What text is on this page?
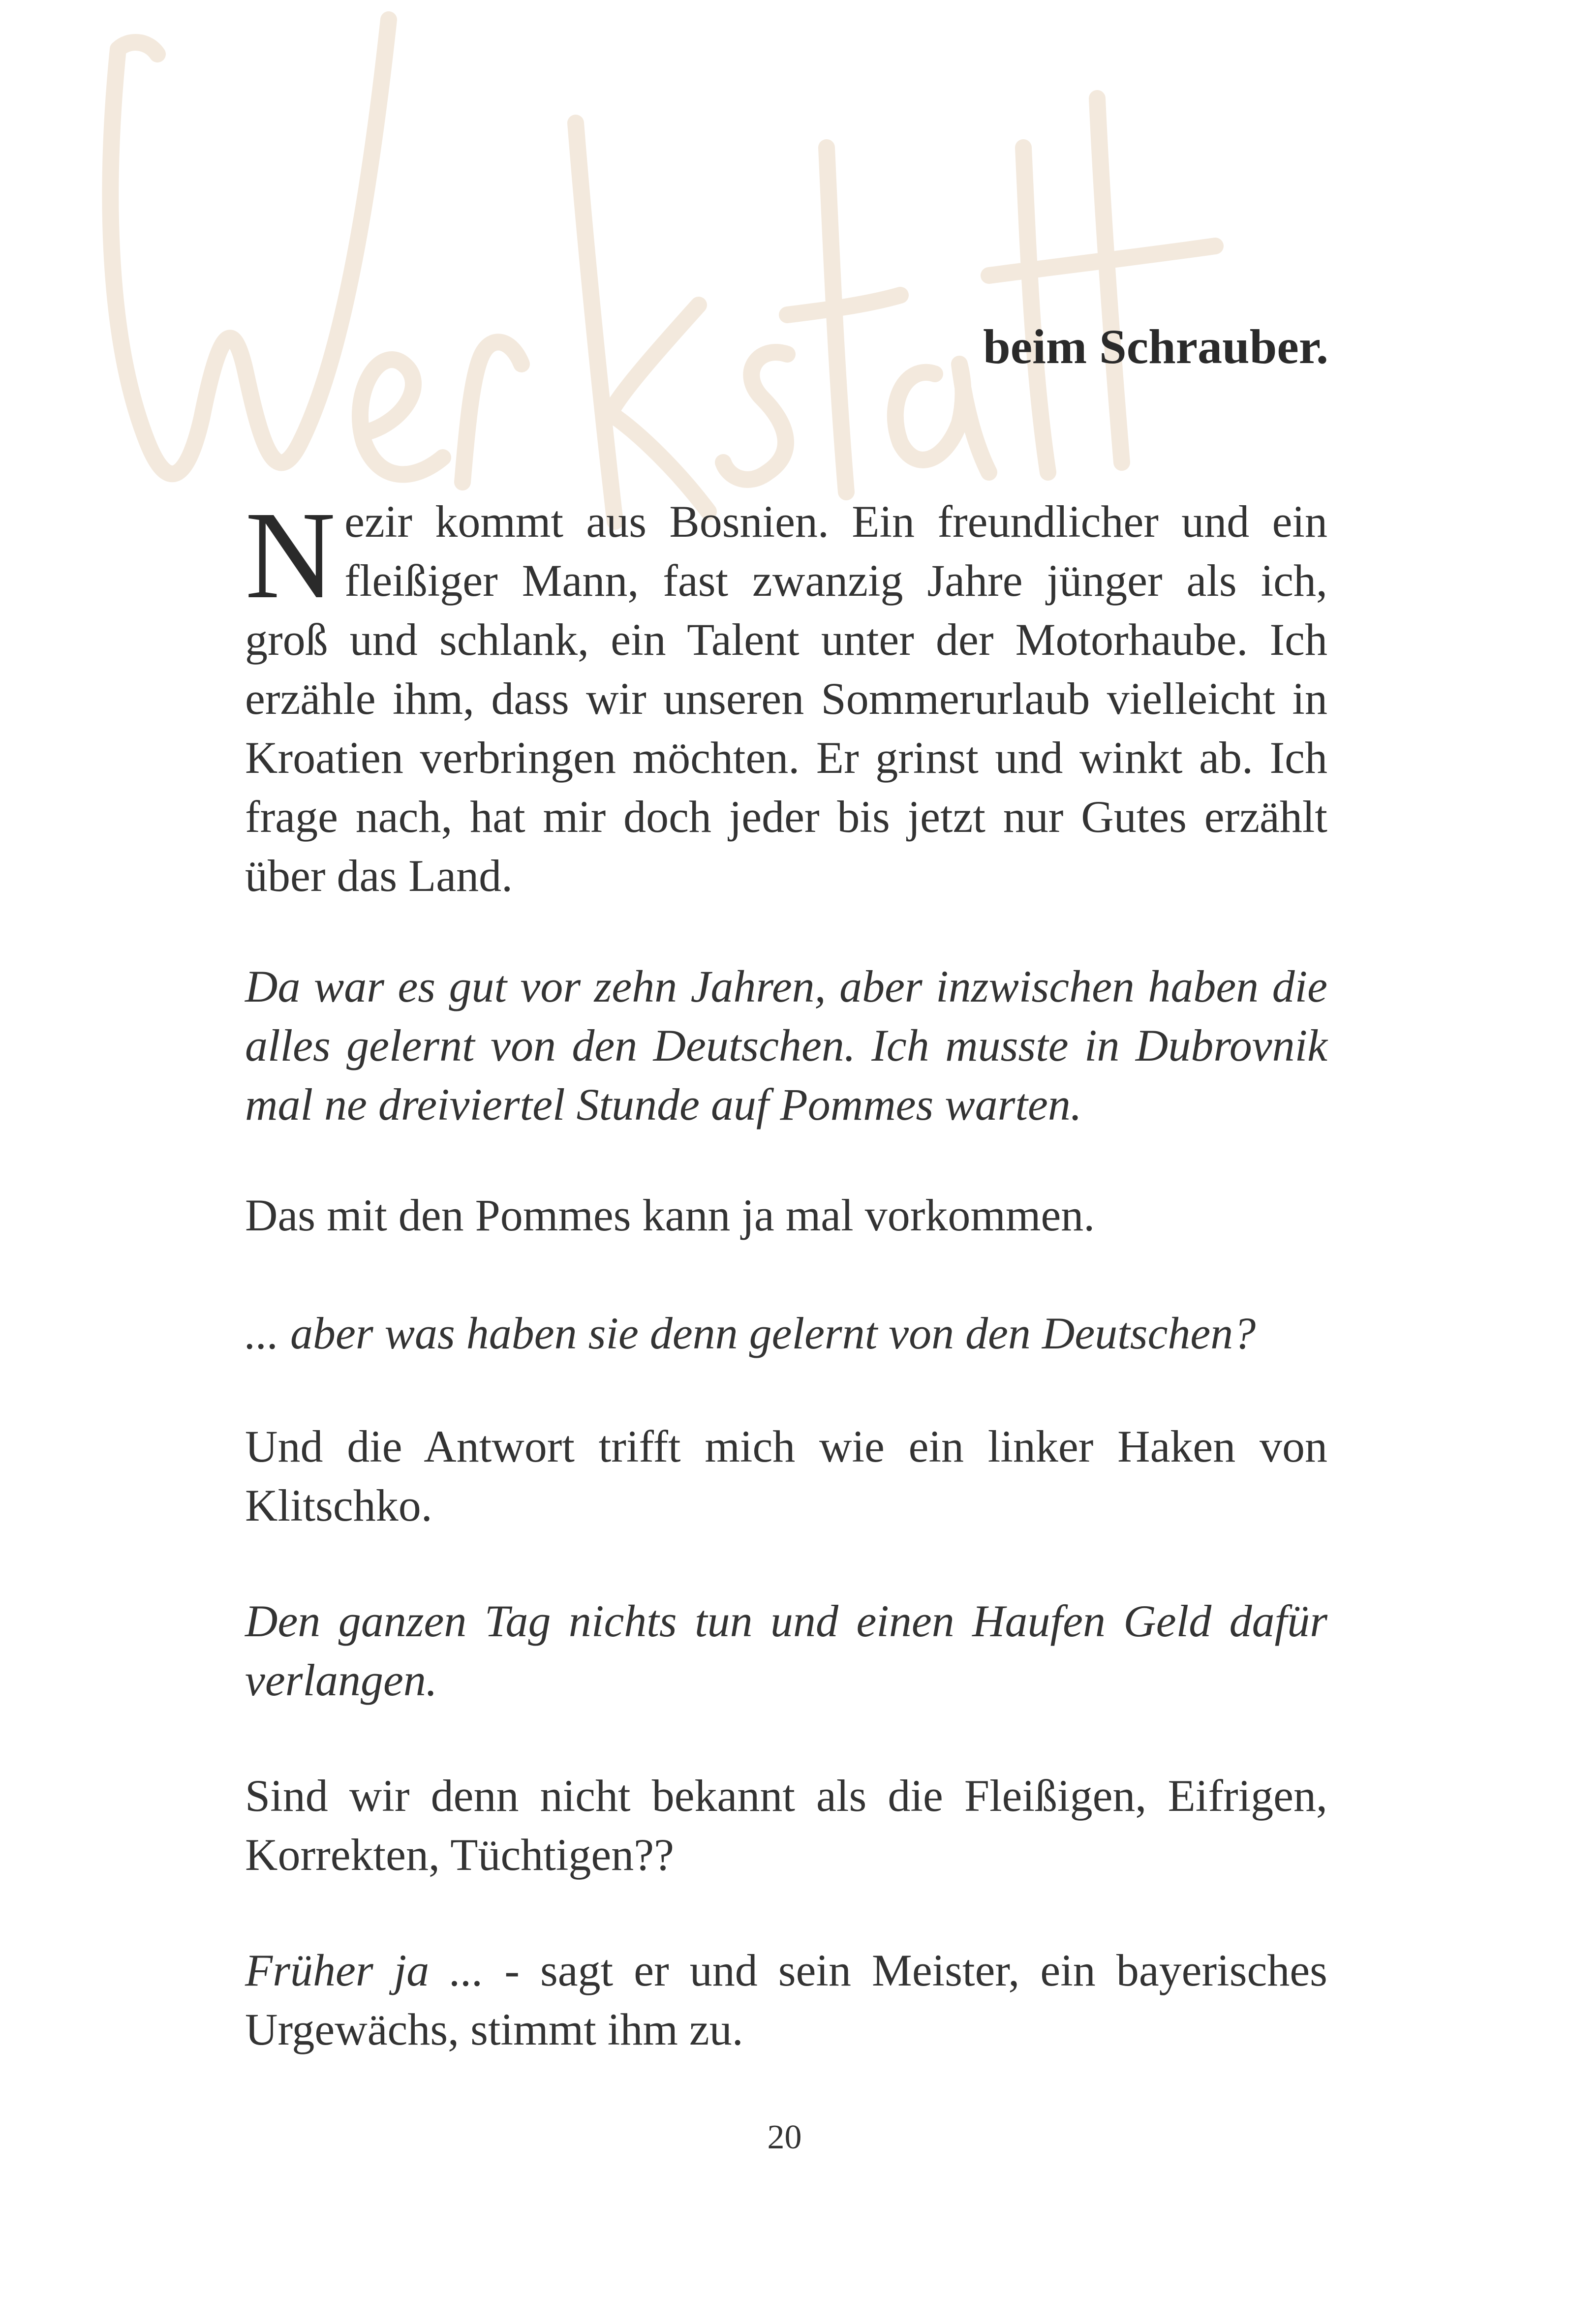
beim Schrauber.
Nezir kommt aus Bosnien. Ein freundlicher und ein fleißiger Mann, fast zwanzig Jahre jünger als ich, groß und schlank, ein Talent unter der Motorhaube. Ich erzähle ihm, dass wir unseren Sommerurlaub vielleicht in Kroatien verbringen möchten. Er grinst und winkt ab. Ich frage nach, hat mir doch jeder bis jetzt nur Gutes erzählt über das Land.

Da war es gut vor zehn Jahren, aber inzwischen haben die alles gelernt von den Deutschen. Ich musste in Dubrovnik mal ne dreiviertel Stunde auf Pommes warten.

Das mit den Pommes kann ja mal vorkommen.

... aber was haben sie denn gelernt von den Deutschen?

Und die Antwort trifft mich wie ein linker Haken von Klitschko.

Den ganzen Tag nichts tun und einen Haufen Geld dafür verlangen.

Sind wir denn nicht bekannt als die Fleißigen, Eifrigen, Korrekten, Tüchtigen??

Früher ja ... - sagt er und sein Meister, ein bayerisches Urgewächs, stimmt ihm zu.

20
